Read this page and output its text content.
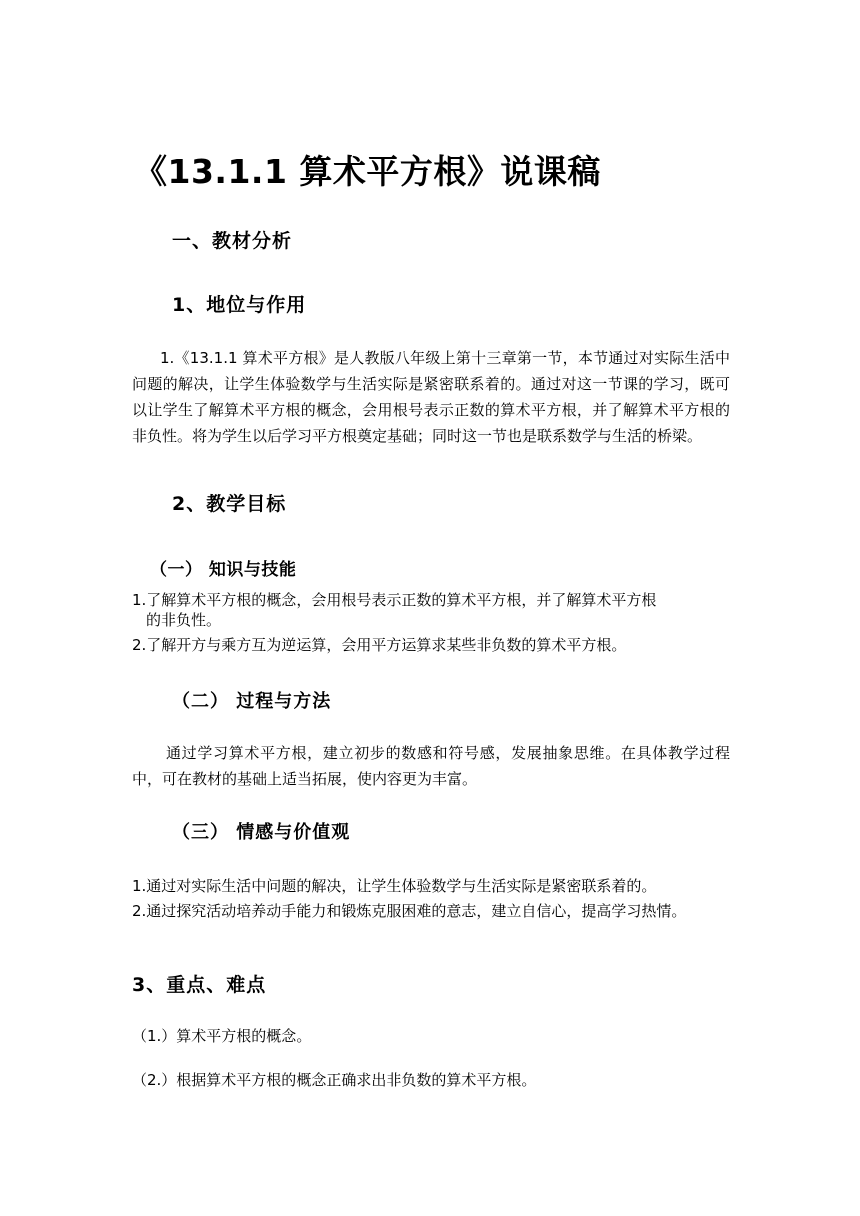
《13.1.1 算术平方根》说课稿
一、教材分析
1、地位与作用
1.《13.1.1 算术平方根》是人教版八年级上第十三章第一节，本节通过对实际生活中问题的解决，让学生体验数学与生活实际是紧密联系着的。通过对这一节课的学习，既可以让学生了解算术平方根的概念，会用根号表示正数的算术平方根，并了解算术平方根的非负性。将为学生以后学习平方根奠定基础；同时这一节也是联系数学与生活的桥梁。
2、教学目标
（一） 知识与技能
1.了解算术平方根的概念，会用根号表示正数的算术平方根，并了解算术平方根
的非负性。
2.了解开方与乘方互为逆运算，会用平方运算求某些非负数的算术平方根。
（二） 过程与方法
通过学习算术平方根，建立初步的数感和符号感，发展抽象思维。在具体教学过程中，可在教材的基础上适当拓展，使内容更为丰富。
（三） 情感与价值观
1.通过对实际生活中问题的解决，让学生体验数学与生活实际是紧密联系着的。
2.通过探究活动培养动手能力和锻炼克服困难的意志，建立自信心，提高学习热情。
3、重点、难点
（1.）算术平方根的概念。
（2.）根据算术平方根的概念正确求出非负数的算术平方根。
